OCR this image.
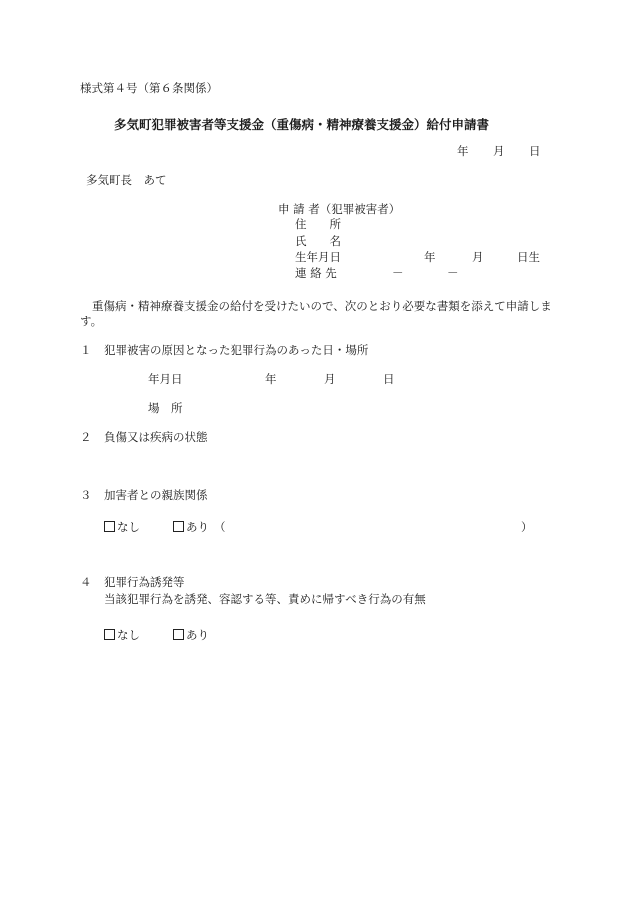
様式第４号（第６条関係）
多気町犯罪被害者等支援金（重傷病・精神療養支援金）給付申請書
年 月 日
多気町長　あて
申 請 者（犯罪被害者）
住　　所
氏　　名
生年月日	年	月	日生
連 絡 先	－	－
重傷病・精神療養支援金の給付を受けたいので、次のとおり必要な書類を添えて申請しま
す。
１ 犯罪被害の原因となった犯罪行為のあった日・場所
年月日	年	月	日
場　所
２ 負傷又は疾病の状態
３ 加害者との親族関係
なし	あり （	）
４ 犯罪行為誘発等
当該犯罪行為を誘発、容認する等、責めに帰すべき行為の有無
なし	あり
